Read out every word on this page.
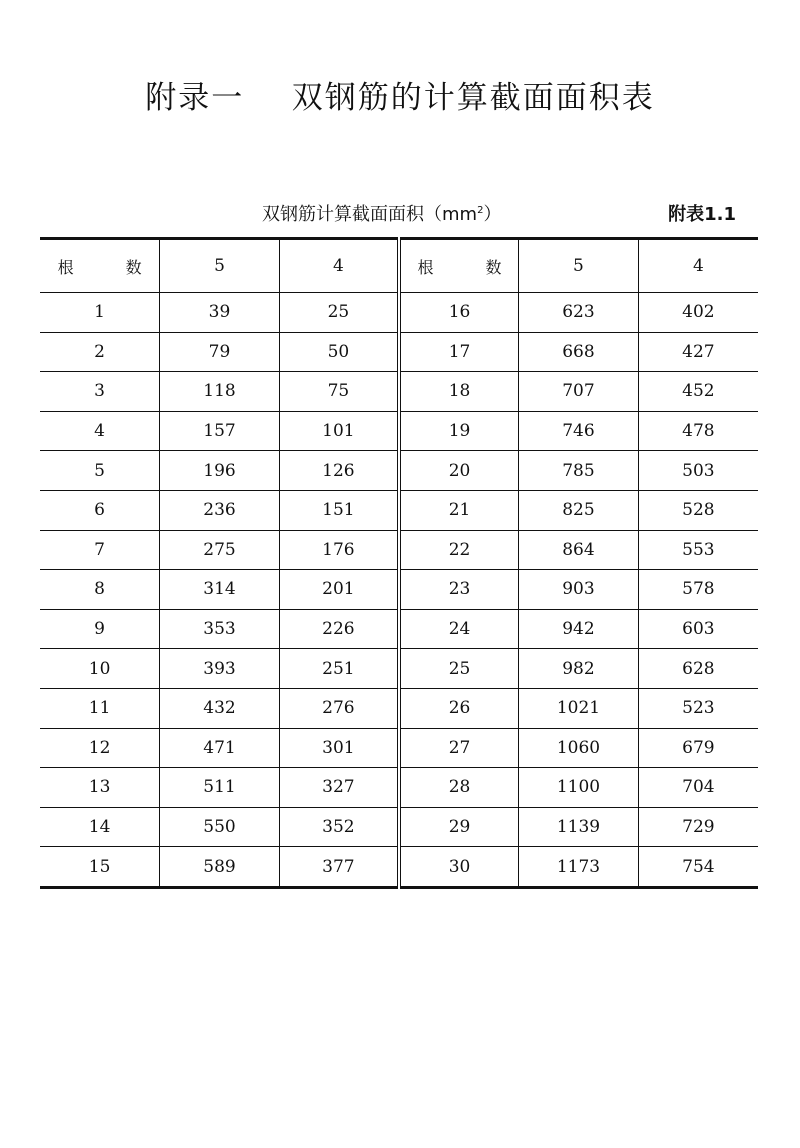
附录一    双钢筋的计算截面面积表
双钢筋计算截面面积$(mm^2)$	附表1.1
根　数	5	4	根　数	5	4
1	39	25	16	623	402
2	79	50	17	668	427
3	118	75	18	707	452
4	157	101	19	746	478
5	196	126	20	785	503
6	236	151	21	825	528
7	275	176	22	864	553
8	314	201	23	903	578
9	353	226	24	942	603
10	393	251	25	982	628
11	432	276	26	1021	523
12	471	301	27	1060	679
13	511	327	28	1100	704
14	550	352	29	1139	729
15	589	377	30	1173	754
